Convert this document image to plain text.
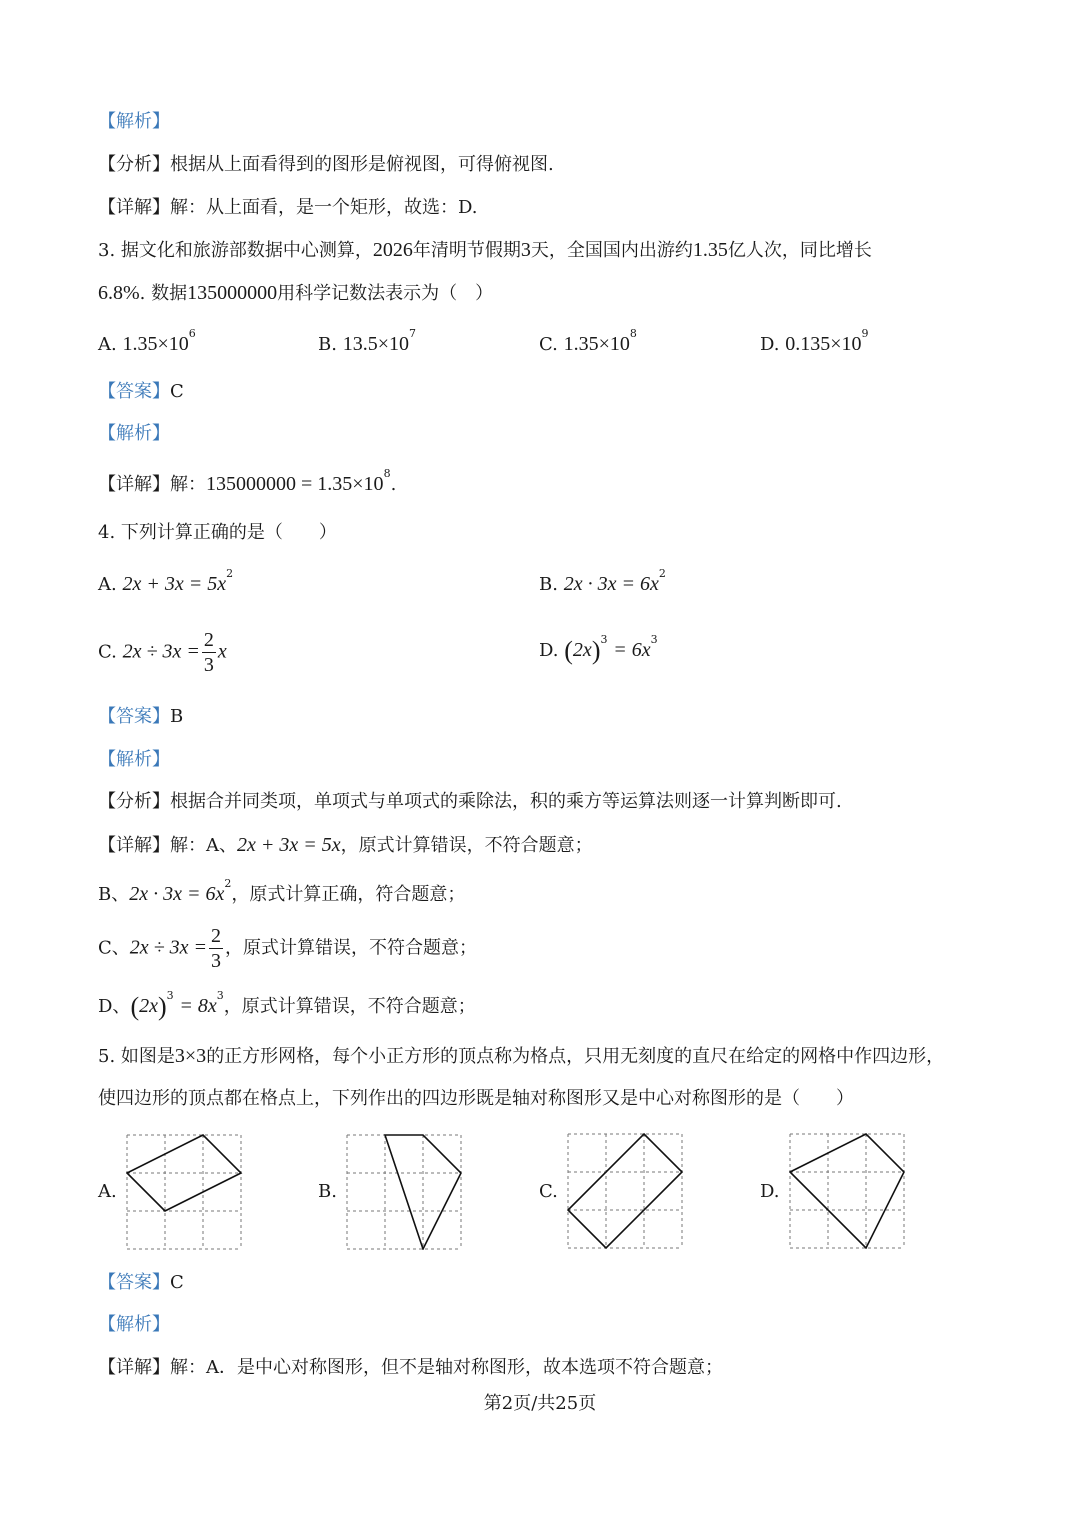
【解析】
【分析】根据从上面看得到的图形是俯视图，可得俯视图.
【详解】解：从上面看，是一个矩形，故选：D.
3. 据文化和旅游部数据中心测算，2026年清明节假期3天，全国国内出游约1.35亿人次，同比增长
6.8%. 数据135000000用科学记数法表示为（　）
A. $1.35\times 10^6$
B. $13.5\times 10^7$
C. $1.35\times 10^8$
D. $0.135\times 10^9$
【答案】C
【解析】
【详解】解：$135000000 = 1.35\times 10^8$.
4. 下列计算正确的是（　　）
A. $2x + 3x = 5x^2$
B. $2x \cdot 3x = 6x^2$
C. $2x \div 3x = \frac{2}{3}$ x	D. $(2x)^3 = 6x^3$
【答案】B
【解析】
【分析】根据合并同类项，单项式与单项式的乘除法，积的乘方等运算法则逐一计算判断即可.
【详解】解：A、2x + 3x = 5x，原式计算错误，不符合题意；
B、$2x \cdot 3x = 6x^2$，原式计算正确，符合题意；
C、$2x \div 3x = \frac{2}{3}$ ，原式计算错误，不符合题意；
D、$(2x)^3 = 8x^3$，原式计算错误，不符合题意；
5. 如图是3×3的正方形网格，每个小正方形的顶点称为格点，只用无刻度的直尺在给定的网格中作四边形，
使四边形的顶点都在格点上，下列作出的四边形既是轴对称图形又是中心对称图形的是（　　）
A.	B.	C.	D.
【答案】C
【解析】
【详解】解：A．是中心对称图形，但不是轴对称图形，故本选项不符合题意；
第2页/共25页
